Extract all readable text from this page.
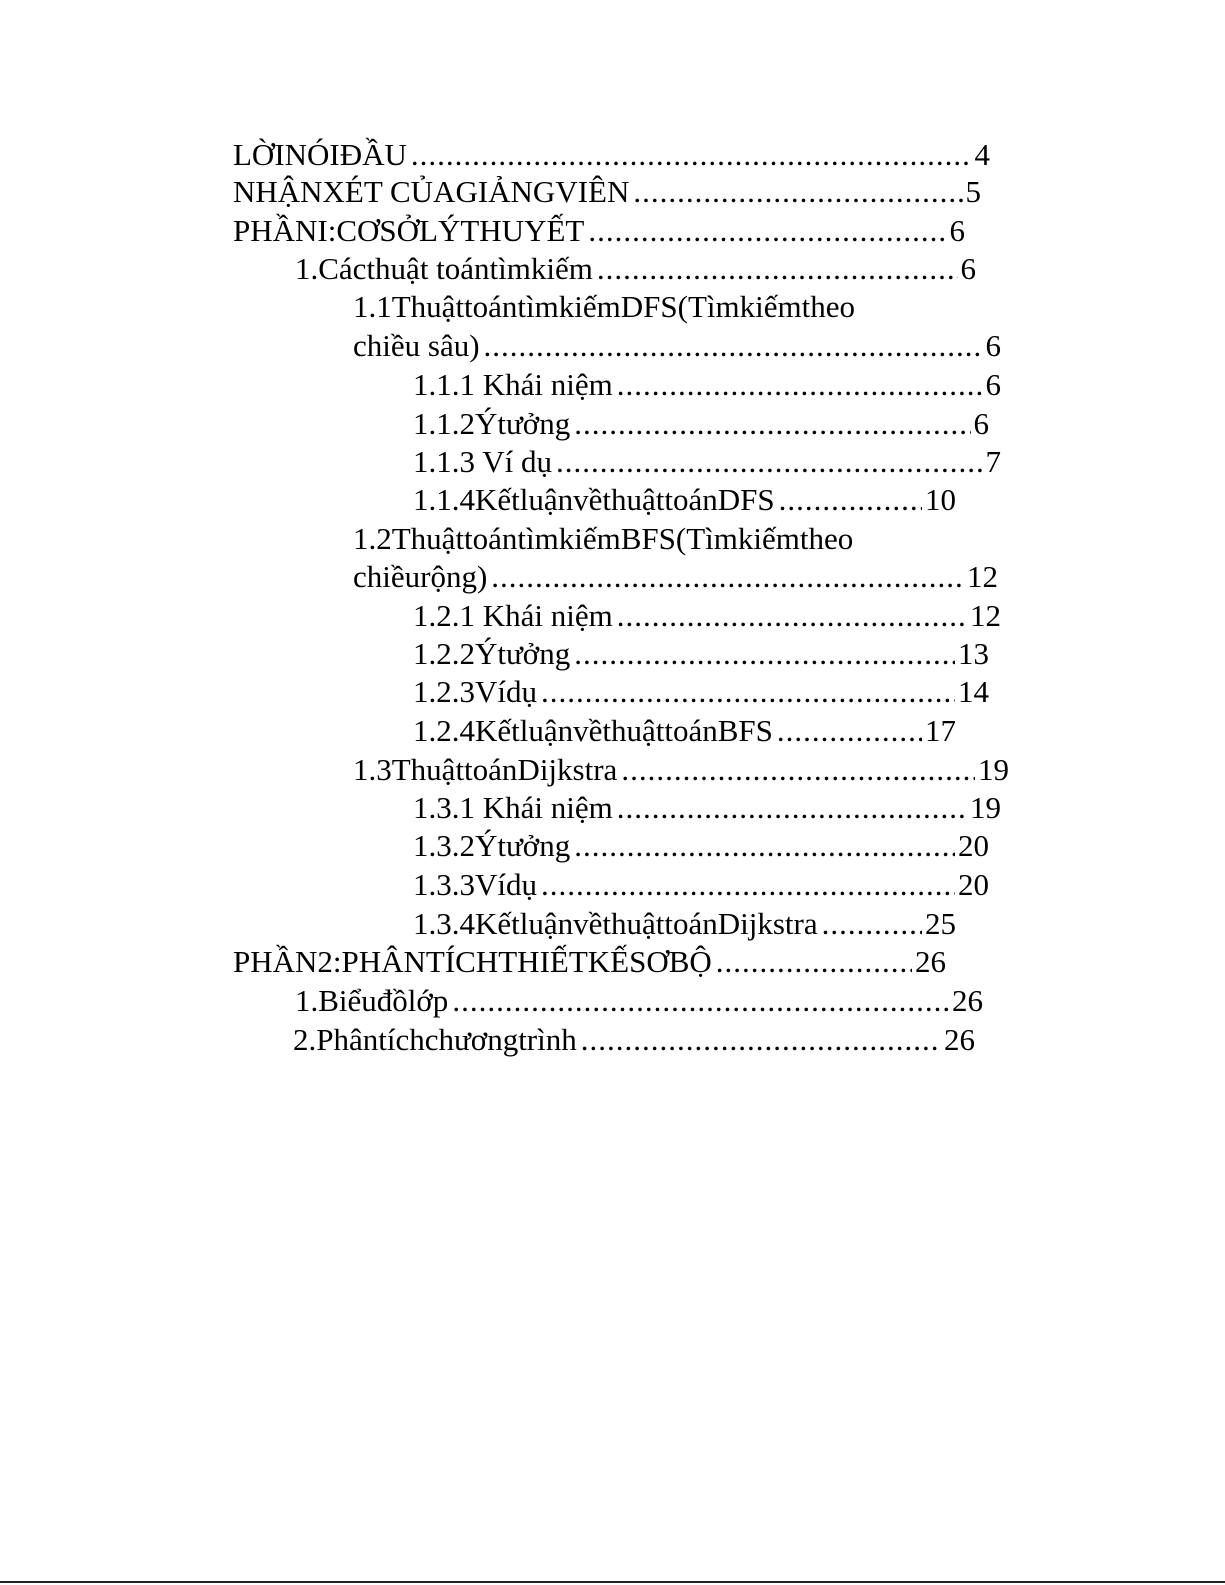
LỜINÓIĐẦU .....	4
NHẬNXÉT CỦAGIẢNGVIÊN .....	5
PHẦNI:CƠSỞLÝTHUYẾT .....	6
1.Cácthuật toántìmkiếm .....	6
1.1ThuậttoántìmkiếmDFS(Tìmkiếmtheo
chiều sâu) .....	6
1.1.1 Khái niệm .....	6
1.1.2Ýtưởng .....	6
1.1.3 Ví dụ .....	7
1.1.4KếtluậnvềthuậttoánDFS .....	10
1.2ThuậttoántìmkiếmBFS(Tìmkiếmtheo
chiềurộng) .....	12
1.2.1 Khái niệm .....	12
1.2.2Ýtưởng .....	13
1.2.3Vídụ .....	14
1.2.4KếtluậnvềthuậttoánBFS .....	17
1.3ThuậttoánDijkstra .....	19
1.3.1 Khái niệm .....	19
1.3.2Ýtưởng .....	20
1.3.3Vídụ .....	20
1.3.4KếtluậnvềthuậttoánDijkstra .....	25
PHẦN2:PHÂNTÍCHTHIẾTKẾSƠBỘ .....	26
1.Biểuđồlớp .....	26
2.Phântíchchươngtrình .....	26
